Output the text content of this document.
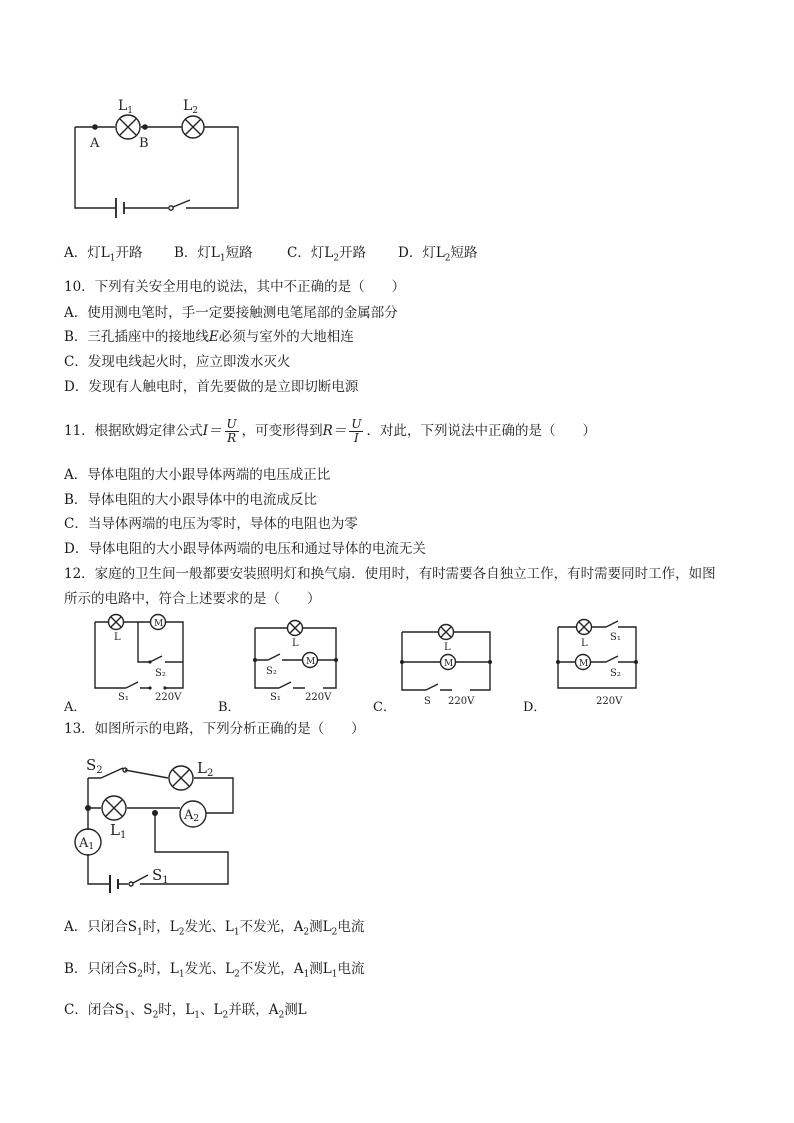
$L_1$	$L_2$
A	B
A．灯$L_1$开路 B．灯$L_1$短路	C．灯$L_2$开路 D．灯$L_2$短路
10．下列有关安全用电的说法，其中不正确的是（　　）
A．使用测电笔时，手一定要接触测电笔尾部的金属部分
B．三孔插座中的接地线E必须与室外的大地相连
C．发现电线起火时，应立即泼水灭火
D．发现有人触电时，首先要做的是立即切断电源
11．根据欧姆定律公式$I= \frac{U}{R}$ ，可变形得到$R= \frac{U}{I}$ ．对此，下列说法中正确的是（　　）
A．导体电阻的大小跟导体两端的电压成正比
B．导体电阻的大小跟导体中的电流成反比
C．当导体两端的电压为零时，导体的电阻也为零
D．导体电阻的大小跟导体两端的电压和通过导体的电流无关
12．家庭的卫生间一般都要安装照明灯和换气扇．使用时，有时需要各自独立工作，有时需要同时工作，如图
所示的电路中，符合上述要求的是（　　）
M
L
S₂
S₁	220V
M
L
S₂
S₁ 220V
M
L
S 220V
M
L
S₁
S₂
220V
A．	B．	C．	D．
13．如图所示的电路，下列分析正确的是（　　）
$S_2$	$L_2$
$L_1$
A2
A1
$S_1$
A．只闭合$S_1$时，$L_2$发光、$L_1$不发光，$A_2$测$L_2$电流
B．只闭合$S_2$时，$L_1$发光、$L_2$不发光，$A_1$测$L_1$电流
C．闭合$S_1$、$S_2$时，$L_1$、$L_2$并联，$A_2$测L
